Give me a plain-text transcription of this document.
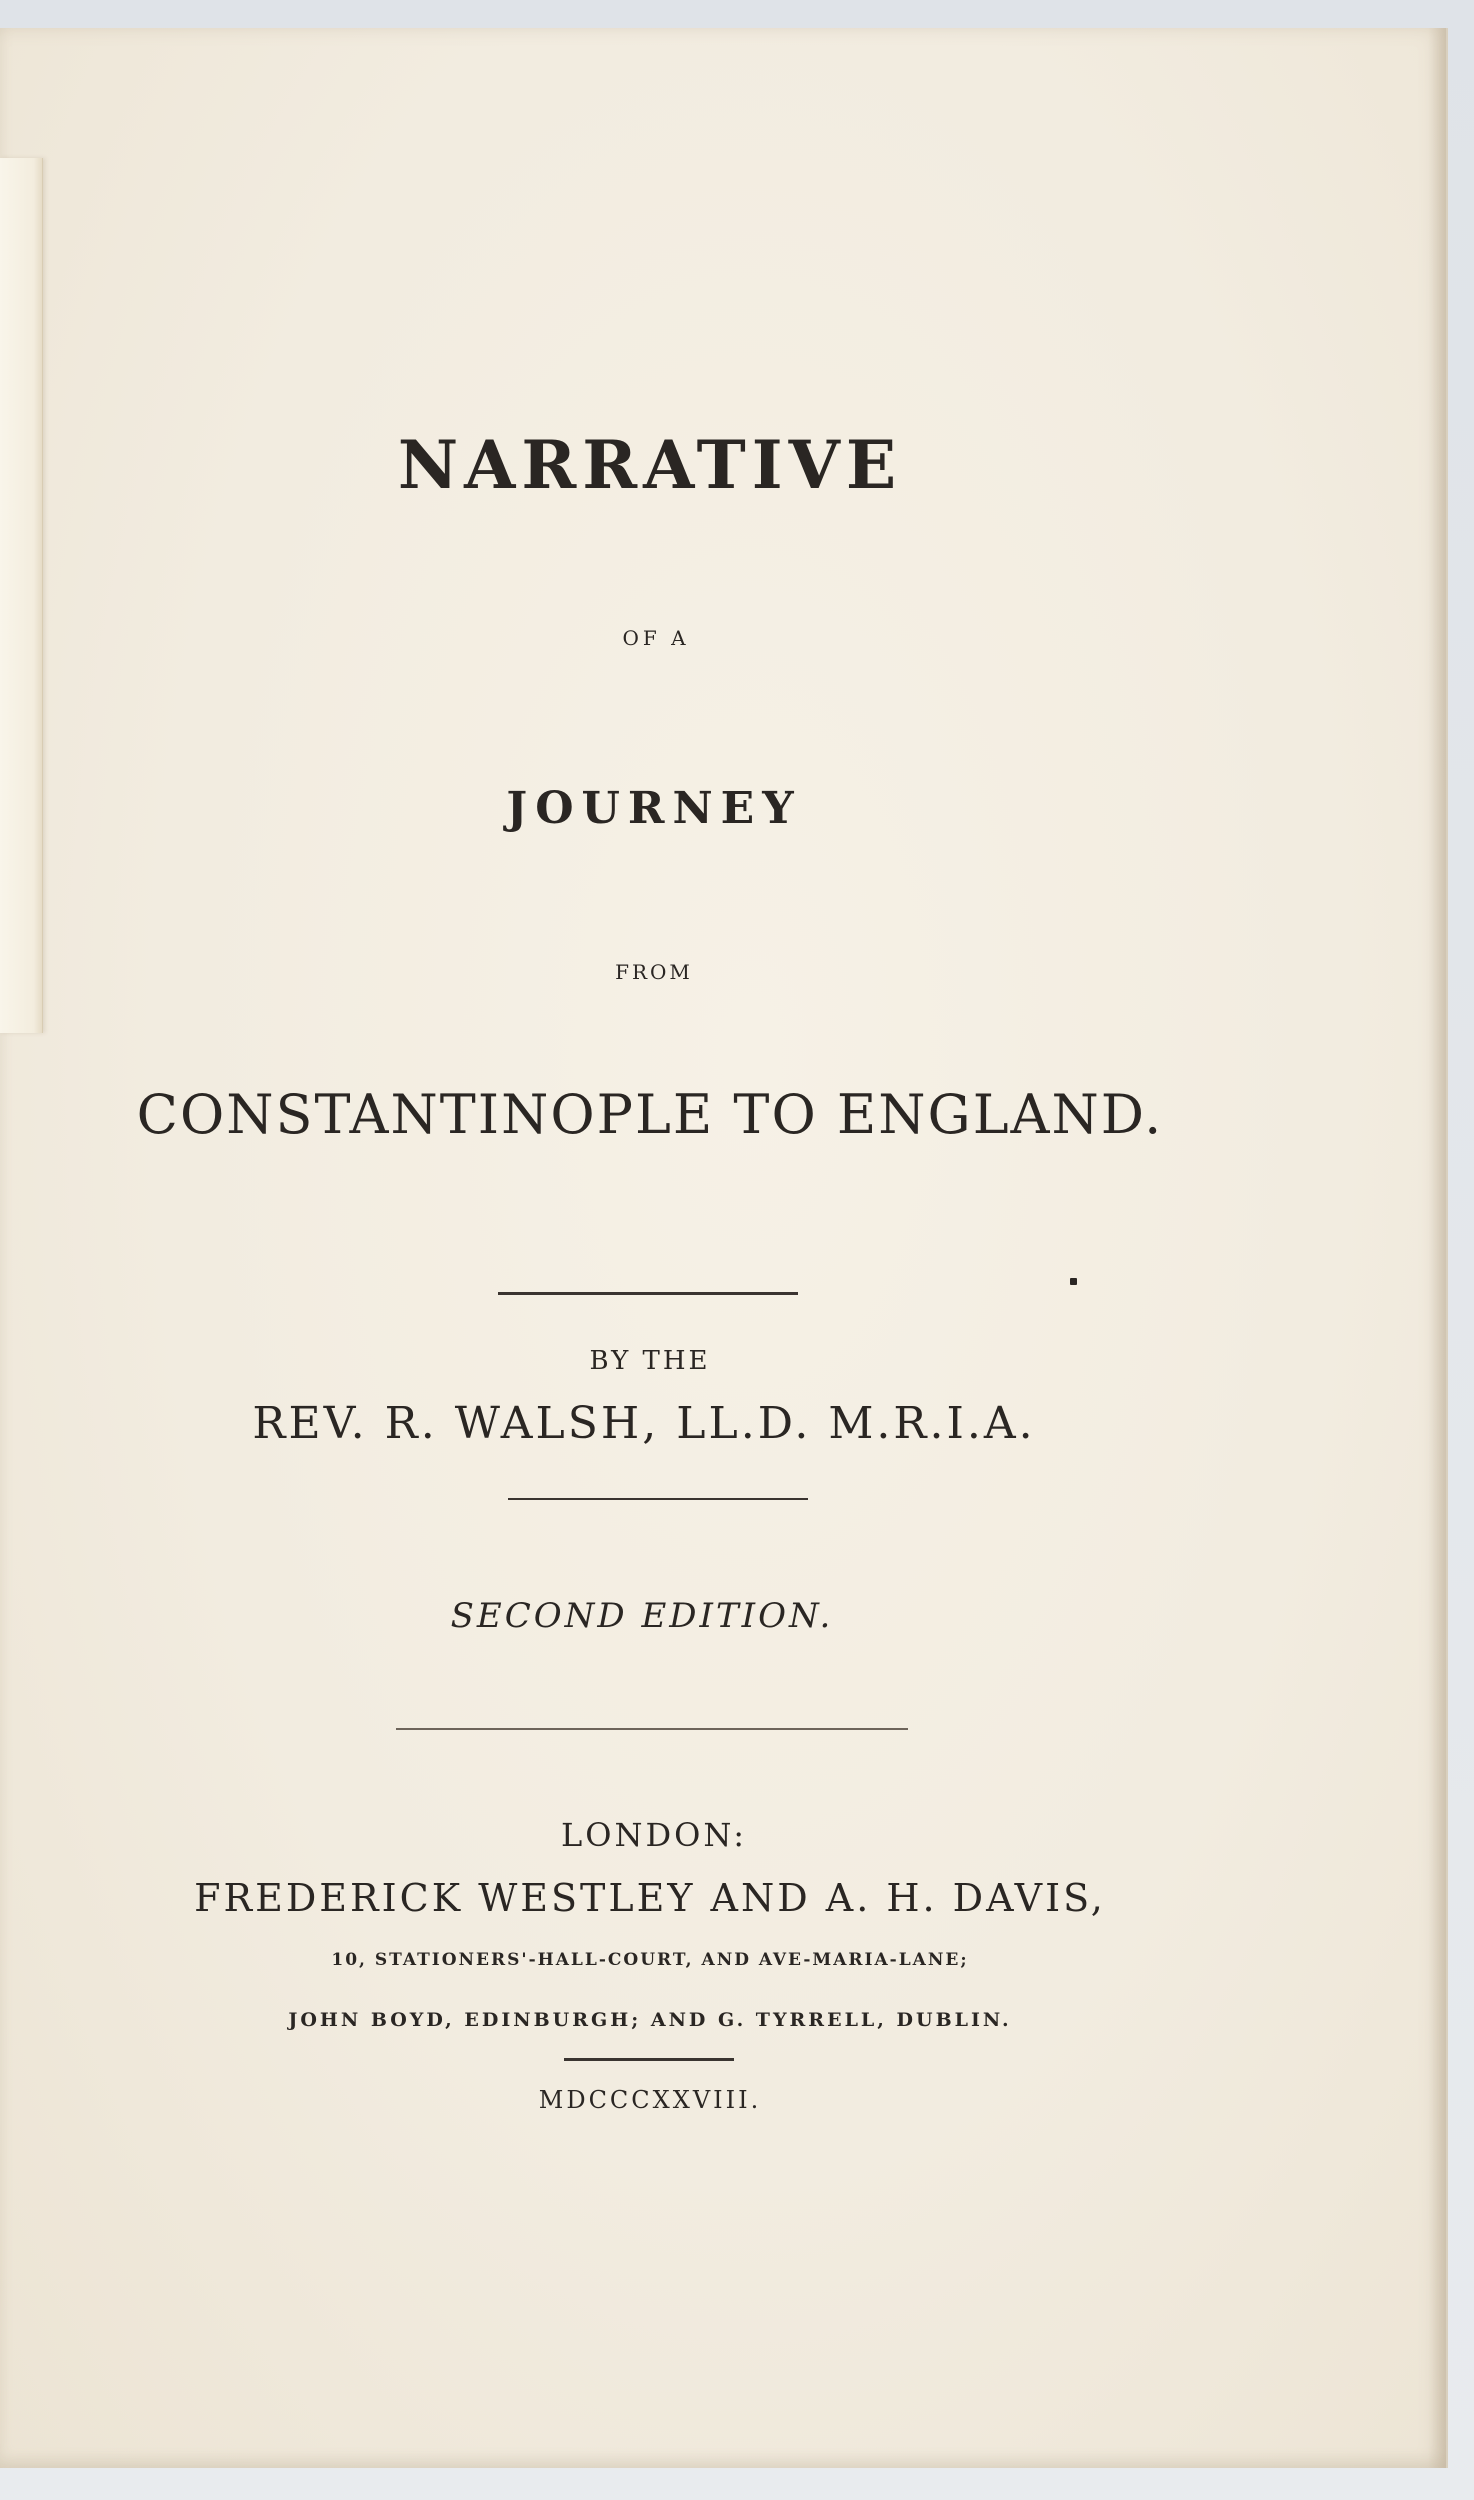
NARRATIVE
OF A
JOURNEY
FROM
CONSTANTINOPLE TO ENGLAND.
BY THE
REV. R. WALSH, LL.D. M.R.I.A.
SECOND EDITION.
LONDON:
FREDERICK WESTLEY AND A. H. DAVIS,
10, STATIONERS'-HALL-COURT, AND AVE-MARIA-LANE;
JOHN BOYD, EDINBURGH; AND G. TYRRELL, DUBLIN.
MDCCCXXVIII.
